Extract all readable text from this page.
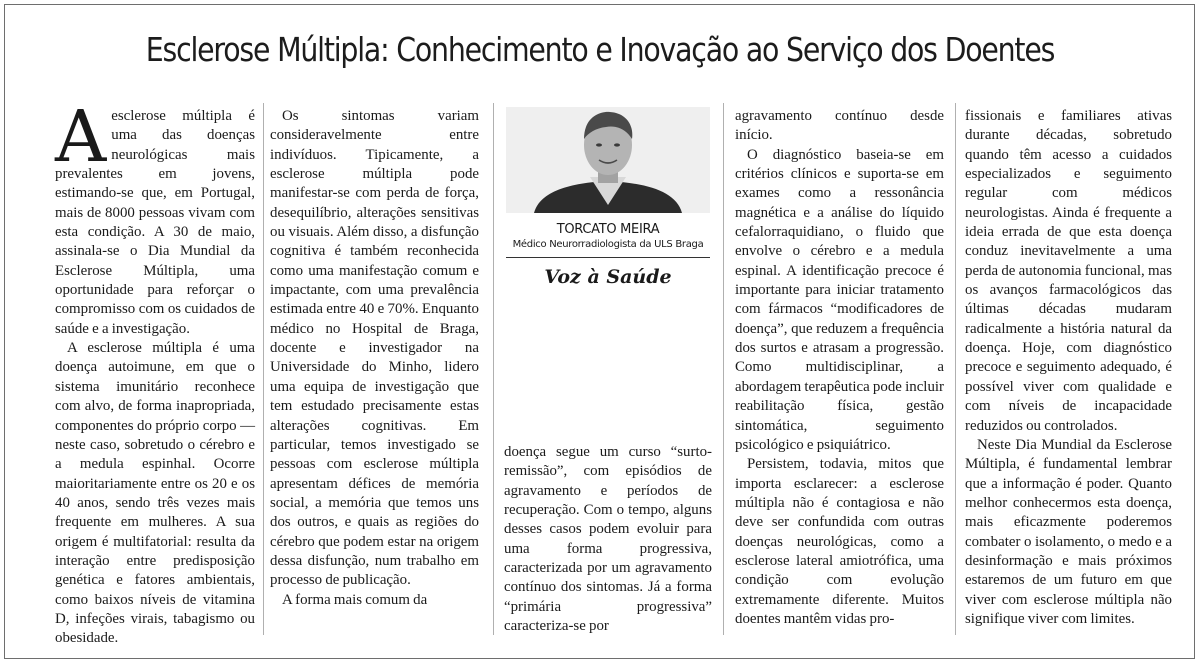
Esclerose Múltipla: Conhecimento e Inovação ao Serviço dos Doentes

Aesclerose múltipla é uma das doenças neurológicas mais prevalentes em jovens, estimando-se que, em Portugal, mais de 8000 pessoas vivam com esta condição. A 30 de maio, assinala-se o Dia Mundial da Esclerose Múltipla, uma oportunidade para reforçar o compromisso com os cuidados de saúde e a investigação.

A esclerose múltipla é uma doença autoimune, em que o sistema imunitário reconhece com alvo, de forma inapropriada, componentes do próprio corpo — neste caso, sobretudo o cérebro e a medula espinhal. Ocorre maioritariamente entre os 20 e os 40 anos, sendo três vezes mais frequente em mulheres. A sua origem é multifatorial: resulta da interação entre predisposição genética e fatores ambientais, como baixos níveis de vitamina D, infeções virais, tabagismo ou obesidade.

Os sintomas variam consideravelmente entre indivíduos. Tipicamente, a esclerose múltipla pode manifestar-se com perda de força, desequilíbrio, alterações sensitivas ou visuais. Além disso, a disfunção cognitiva é também reconhecida como uma manifestação comum e impactante, com uma prevalência estimada entre 40 e 70%. Enquanto médico no Hospital de Braga, docente e investigador na Universidade do Minho, lidero uma equipa de investigação que tem estudado precisamente estas alterações cognitivas. Em particular, temos investigado se pessoas com esclerose múltipla apresentam défices de memória social, a memória que temos uns dos outros, e quais as regiões do cérebro que podem estar na origem dessa disfunção, num trabalho em processo de publicação.

A forma mais comum da

TORCATO MEIRA
Médico Neurorradiologista da ULS Braga
Voz à Saúde

doença segue um curso “surto-remissão”, com episódios de agravamento e períodos de recuperação. Com o tempo, alguns desses casos podem evoluir para uma forma progressiva, caracterizada por um agravamento contínuo dos sintomas. Já a forma “primária progressiva” caracteriza-se por

agravamento contínuo desde início.

O diagnóstico baseia-se em critérios clínicos e suporta-se em exames como a ressonância magnética e a análise do líquido cefalorraquidiano, o fluido que envolve o cérebro e a medula espinal. A identificação precoce é importante para iniciar tratamento com fármacos “modificadores de doença”, que reduzem a frequência dos surtos e atrasam a progressão. Como multidisciplinar, a abordagem terapêutica pode incluir reabilitação física, gestão sintomática, seguimento psicológico e psiquiátrico.

Persistem, todavia, mitos que importa esclarecer: a esclerose múltipla não é contagiosa e não deve ser confundida com outras doenças neurológicas, como a esclerose lateral amiotrófica, uma condição com evolução extremamente diferente. Muitos doentes mantêm vidas pro-

fissionais e familiares ativas durante décadas, sobretudo quando têm acesso a cuidados especializados e seguimento regular com médicos neurologistas. Ainda é frequente a ideia errada de que esta doença conduz inevitavelmente a uma perda de autonomia funcional, mas os avanços farmacológicos das últimas décadas mudaram radicalmente a história natural da doença. Hoje, com diagnóstico precoce e seguimento adequado, é possível viver com qualidade e com níveis de incapacidade reduzidos ou controlados.

Neste Dia Mundial da Esclerose Múltipla, é fundamental lembrar que a informação é poder. Quanto melhor conhecermos esta doença, mais eficazmente poderemos combater o isolamento, o medo e a desinformação e mais próximos estaremos de um futuro em que viver com esclerose múltipla não signifique viver com limites.
